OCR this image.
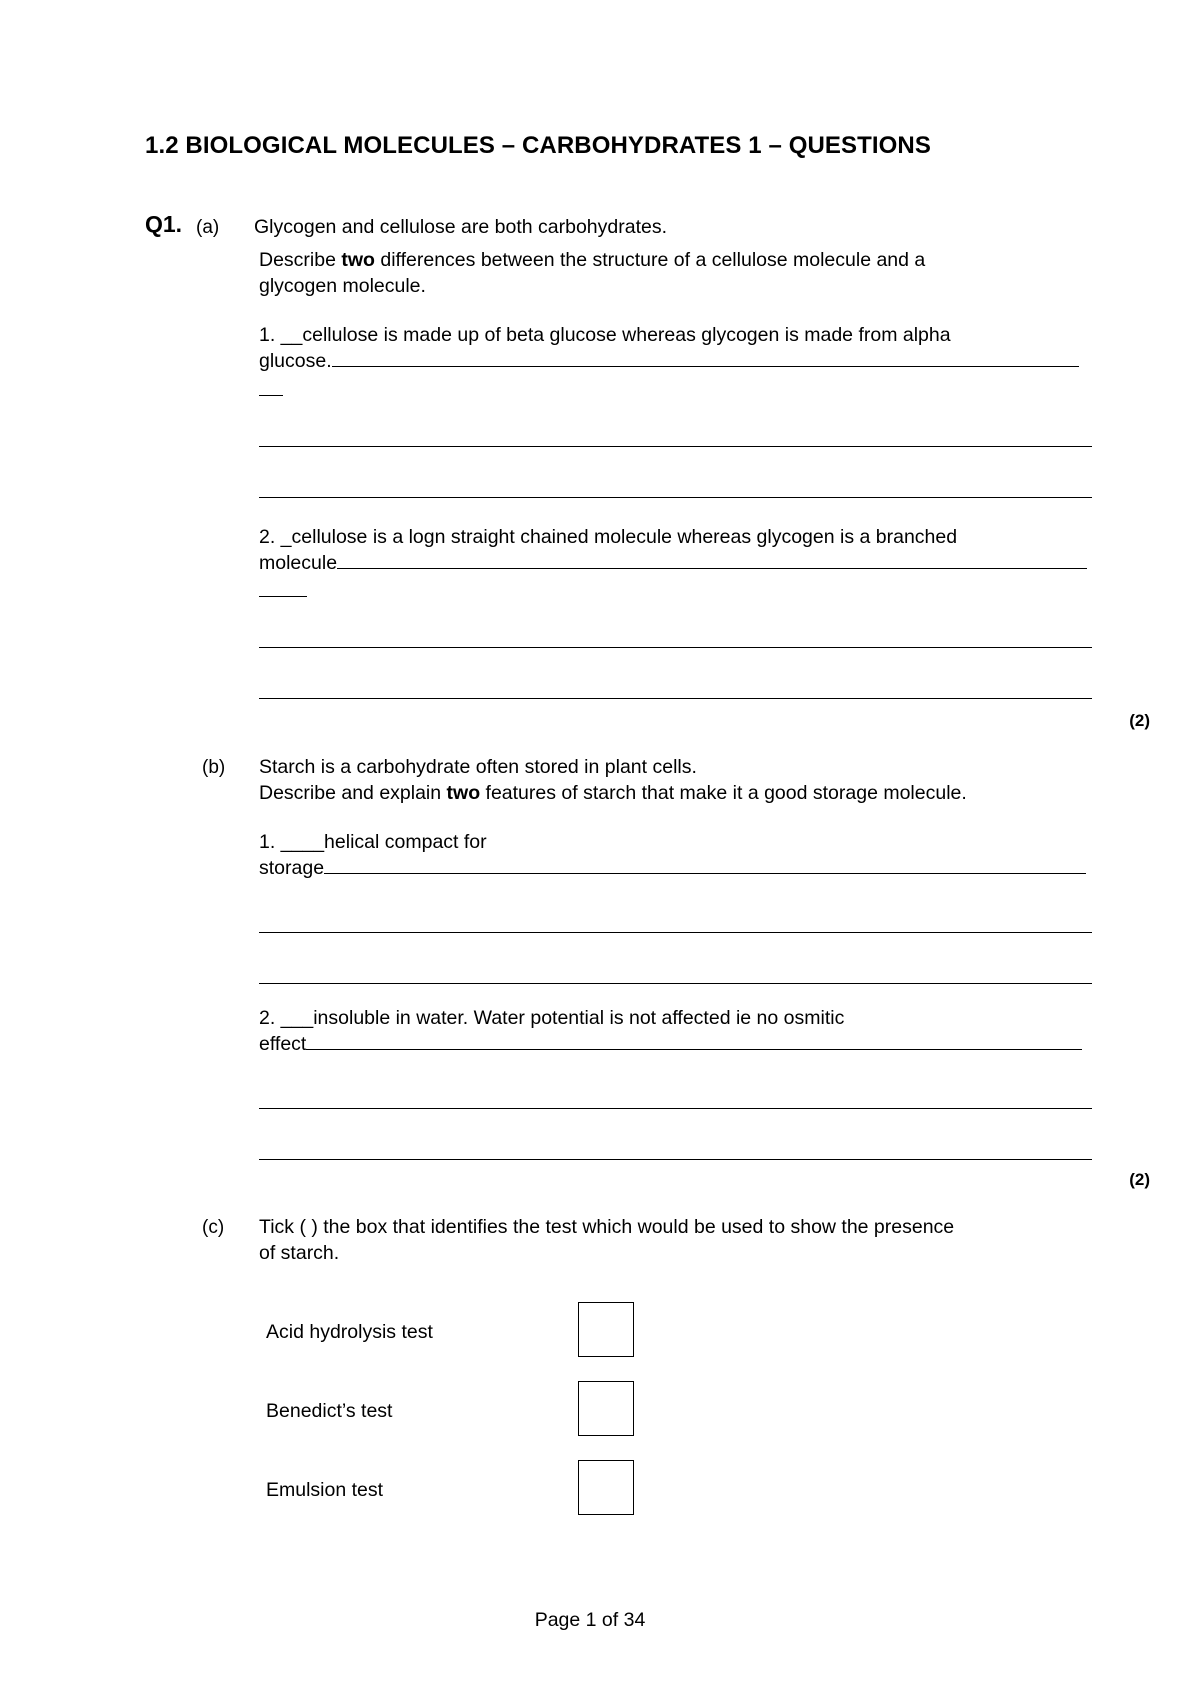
1.2 BIOLOGICAL MOLECULES – CARBOHYDRATES 1 – QUESTIONS
Q1. (a) Glycogen and cellulose are both carbohydrates.
Describe two differences between the structure of a cellulose molecule and a
glycogen molecule.
1. __cellulose is made up of beta glucose whereas glycogen is made from alpha
glucose.
2. _cellulose is a logn straight chained molecule whereas glycogen is a branched
molecule
(2)
(b) Starch is a carbohydrate often stored in plant cells.
Describe and explain two features of starch that make it a good storage molecule.
1. ____helical compact for
storage
2. ___insoluble in water. Water potential is not affected ie no osmitic
effect
(2)
(c) Tick ( ) the box that identifies the test which would be used to show the presence
of starch.
Acid hydrolysis test
Benedict’s test
Emulsion test
Page 1 of 34
